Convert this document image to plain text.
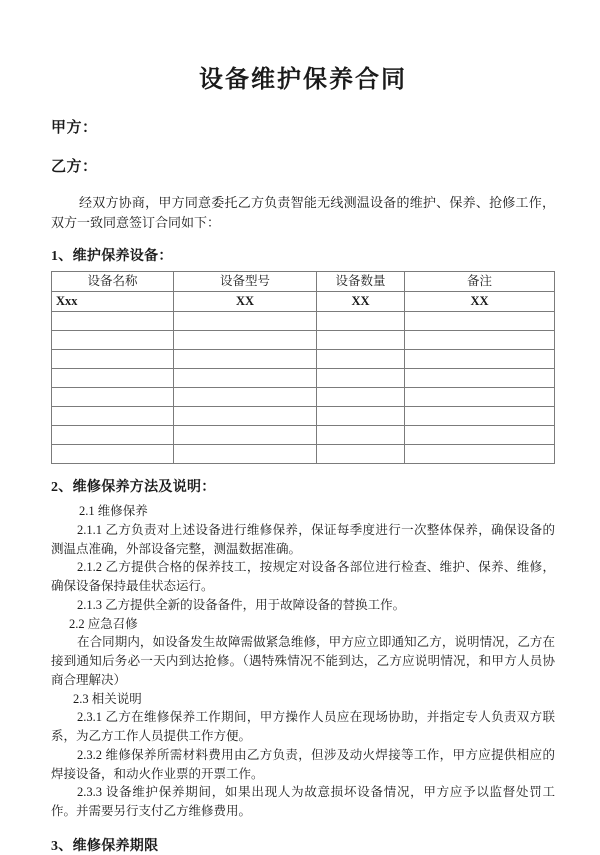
设备维护保养合同

甲方：

乙方：

经双方协商，甲方同意委托乙方负责智能无线测温设备的维护、保养、抢修工作，双方一致同意签订合同如下：

1、维护保养设备：

设备名称	设备型号	设备数量	备注
Xxx	XX	XX	XX

2、维修保养方法及说明：

2.1 维修保养

2.1.1 乙方负责对上述设备进行维修保养，保证每季度进行一次整体保养，确保设备的测温点准确，外部设备完整，测温数据准确。

2.1.2 乙方提供合格的保养技工，按规定对设备各部位进行检查、维护、保养、维修，确保设备保持最佳状态运行。

2.1.3 乙方提供全新的设备备件，用于故障设备的替换工作。

2.2 应急召修

在合同期内，如设备发生故障需做紧急维修，甲方应立即通知乙方，说明情况，乙方在接到通知后务必一天内到达抢修。（遇特殊情况不能到达，乙方应说明情况，和甲方人员协商合理解决）

2.3 相关说明

2.3.1 乙方在维修保养工作期间，甲方操作人员应在现场协助，并指定专人负责双方联系，为乙方工作人员提供工作方便。

2.3.2 维修保养所需材料费用由乙方负责，但涉及动火焊接等工作，甲方应提供相应的焊接设备，和动火作业票的开票工作。

2.3.3 设备维护保养期间，如果出现人为故意损坏设备情况，甲方应予以监督处罚工作。并需要另行支付乙方维修费用。

3、维修保养期限
